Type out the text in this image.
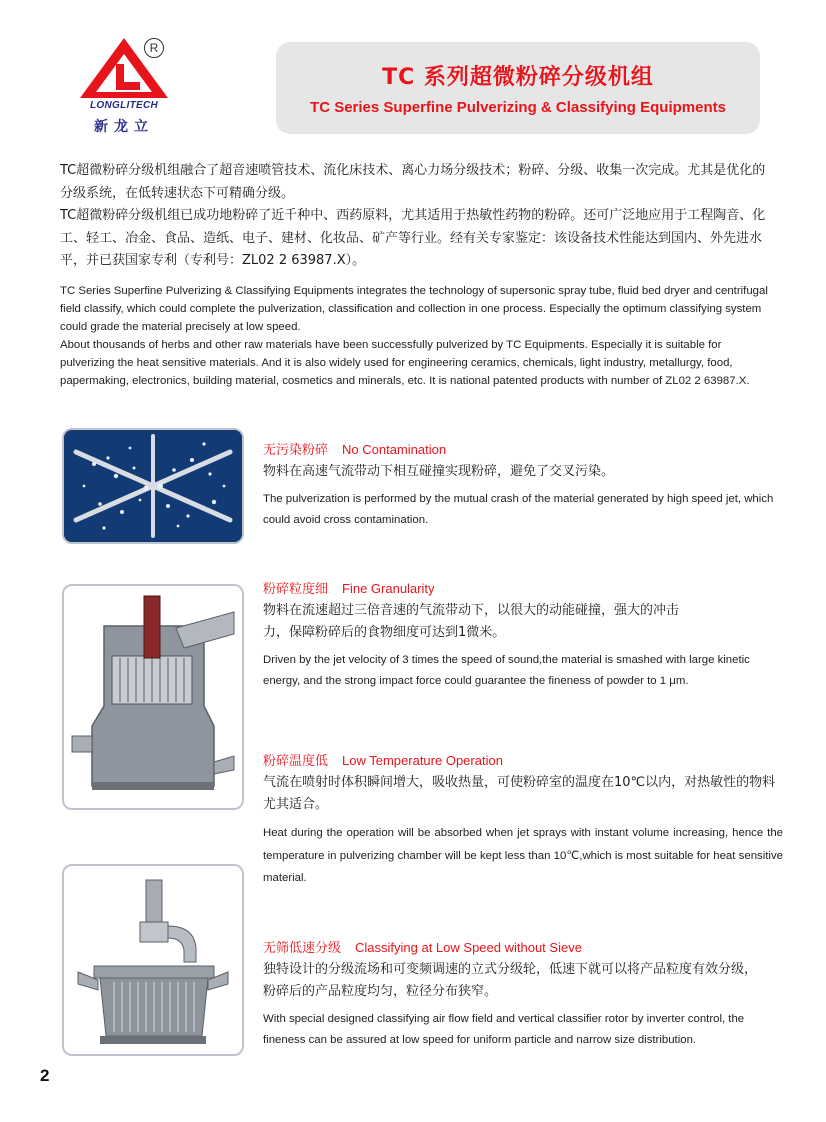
R
LONGLITECH
新龙立
TC 系列超微粉碎分级机组
TC Series Superfine Pulverizing & Classifying Equipments

TC超微粉碎分级机组融合了超音速喷管技术、流化床技术、离心力场分级技术；粉碎、分级、收集一次完成。尤其是优化的分级系统，在低转速状态下可精确分级。

TC超微粉碎分级机组已成功地粉碎了近千种中、西药原料，尤其适用于热敏性药物的粉碎。还可广泛地应用于工程陶音、化工、轻工、冶金、食品、造纸、电子、建材、化妆品、矿产等行业。经有关专家鉴定：该设备技术性能达到国内、外先进水平，并已获国家专利（专利号：ZL02 2 63987.X）。

TC Series Superfine Pulverizing & Classifying Equipments integrates the technology of supersonic spray tube, fluid bed dryer and centrifugal field classify, which could complete the pulverization, classification and collection in one process. Especially the optimum classifying system could grade the material precisely at low speed.

About thousands of herbs and other raw materials have been successfully pulverized by TC Equipments. Especially it is suitable for pulverizing the heat sensitive materials. And it is also widely used for engineering ceramics, chemicals, light industry, metallurgy, food, papermaking, electronics, building material, cosmetics and minerals, etc. It is national patented products with number of ZL02 2 63987.X.

无污染粉碎 No Contamination

物料在高速气流带动下相互碰撞实现粉碎，避免了交叉污染。

The pulverization is performed by the mutual crash of the material generated by high speed jet, which could avoid cross contamination.

粉碎粒度细 Fine Granularity

物料在流速超过三倍音速的气流带动下，以很大的动能碰撞，强大的冲击力，保障粉碎后的食物细度可达到1微米。

Driven by the jet velocity of 3 times the speed of sound,the material is smashed with large kinetic energy, and the strong impact force could guarantee the fineness of powder to 1 μm.

粉碎温度低 Low Temperature Operation

气流在喷射时体积瞬间增大，吸收热量，可使粉碎室的温度在10℃以内，对热敏性的物料尤其适合。

Heat during the operation will be absorbed when jet sprays with instant volume increasing, hence the temperature in pulverizing chamber will be kept less than 10℃,which is most suitable for heat sensitive material.

无筛低速分级 Classifying at Low Speed without Sieve

独特设计的分级流场和可变频调速的立式分级轮，低速下就可以将产品粒度有效分级，粉碎后的产品粒度均匀，粒径分布狭窄。

With special designed classifying air flow field and vertical classifier rotor by inverter control, the fineness can be assured at low speed for uniform particle and narrow size distribution.

2
